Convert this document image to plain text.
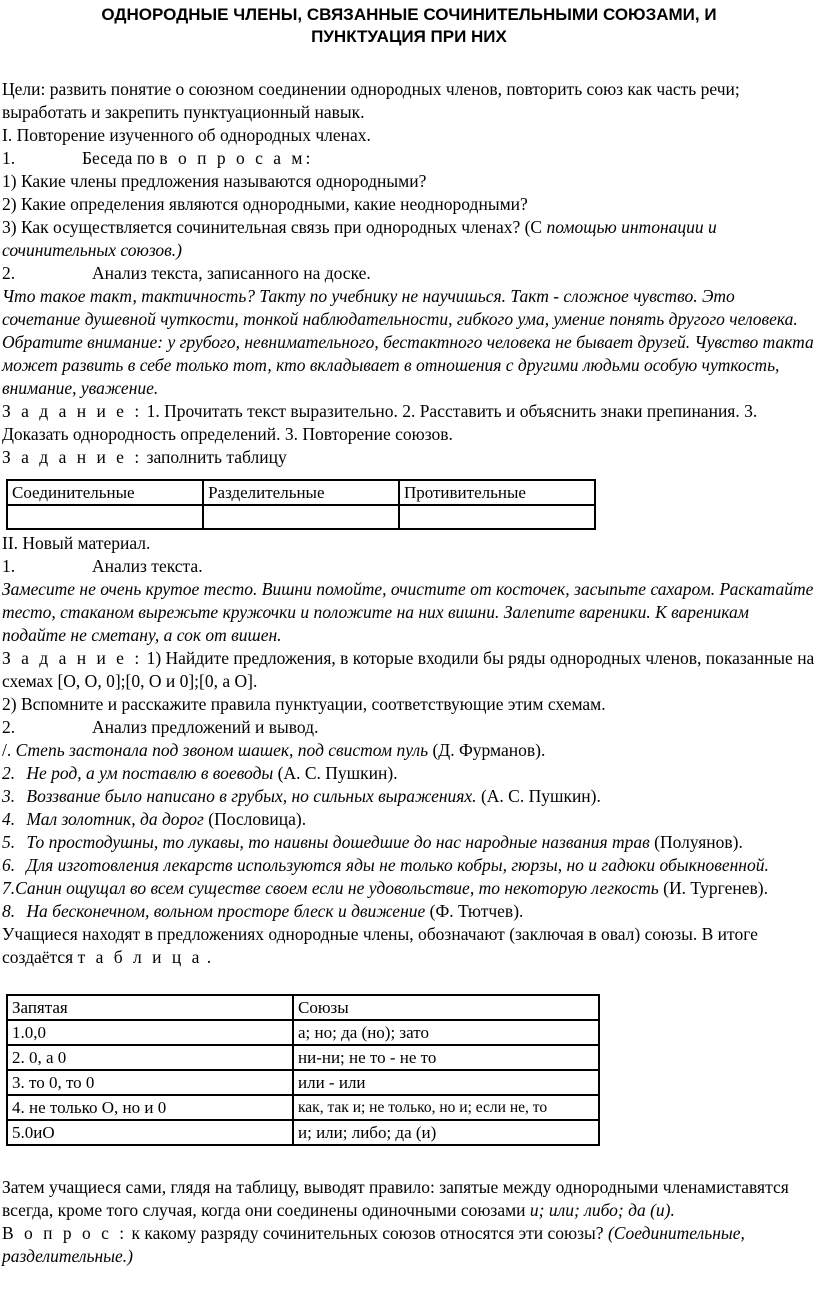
ОДНОРОДНЫЕ ЧЛЕНЫ, СВЯЗАННЫЕ СОЧИНИТЕЛЬНЫМИ СОЮЗАМИ, И ПУНКТУАЦИЯ ПРИ НИХ

Цели: развить понятие о союзном соединении однородных членов, повторить союз как часть речи; выработать и закрепить пунктуационный навык.

I. Повторение изученного об однородных членах.

1.	Беседа по в о п р о с а м:

1) Какие члены предложения называются однородными?

2) Какие определения являются однородными, какие неоднородными?

3) Как осуществляется сочинительная связь при однородных членах? (С помощью интонации и сочинительных союзов.)

2.	Анализ текста, записанного на доске.

Что такое такт, тактичность? Такту по учебнику не научишься. Такт - сложное чувство. Это сочетание душевной чуткости, тонкой наблюдательности, гибкого ума, умение понять другого человека.

Обратите внимание: у грубого, невнимательного, бестактного человека не бывает друзей. Чувство такта может развить в себе только тот, кто вкладывает в отношения с другими людьми особую чуткость, внимание, уважение.

З а д а н и е : 1. Прочитать текст выразительно. 2. Расставить и объяснить знаки препинания. 3. Доказать однородность определений. 3. Повторение союзов.

З а д а н и е : заполнить таблицу

Соединительные	Разделительные	Противительные

II. Новый материал.

1.	Анализ текста.

Замесите не очень крутое тесто. Вишни помойте, очистите от косточек, засыпьте сахаром. Раскатайте тесто, стаканом вырежьте кружочки и положите на них вишни. Залепите вареники. К вареникам подайте не сметану, а сок от вишен.

З а д а н и е : 1) Найдите предложения, в которые входили бы ряды однородных членов, показанные на схемах [О, О, 0];[0, О и 0];[0, а О].

2) Вспомните и расскажите правила пунктуации, соответствующие этим схемам.

2.	Анализ предложений и вывод.

/. Степь застонала под звоном шашек, под свистом пуль (Д. Фурманов).

2. Не род, а ум поставлю в воеводы (А. С. Пушкин).

3. Воззвание было написано в грубых, но сильных выражениях. (А. С. Пушкин).

4. Мал золотник, да дорог (Пословица).

5. То простодушны, то лукавы, то наивны дошедшие до нас народные названия трав (Полуянов).

6. Для изготовления лекарств используются яды не только кобры, гюрзы, но и гадюки обыкновенной.

7.Санин ощущал во всем существе своем если не удовольствие, то некоторую легкость (И. Тургенев).

8. На бесконечном, вольном просторе блеск и движение (Ф. Тютчев).

Учащиеся находят в предложениях однородные члены, обозначают (заключая в овал) союзы. В итоге создаётся т а б л и ц а .

Запятая	Союзы
1.0,0	а; но; да (но); зато
2. 0, а 0	ни-ни; не то - не то
3. то 0, то 0	или - или
4. не только О, но и 0	как, так и; не только, но и; если не, то
5.0иО	и; или; либо; да (и)

Затем учащиеся сами, глядя на таблицу, выводят правило: запятые между однородными членамиставятся всегда, кроме того случая, когда они соединены одиночными союзами и; или; либо; да (и).

В о п р о с : к какому разряду сочинительных союзов относятся эти союзы? (Соединительные, разделительные.)
